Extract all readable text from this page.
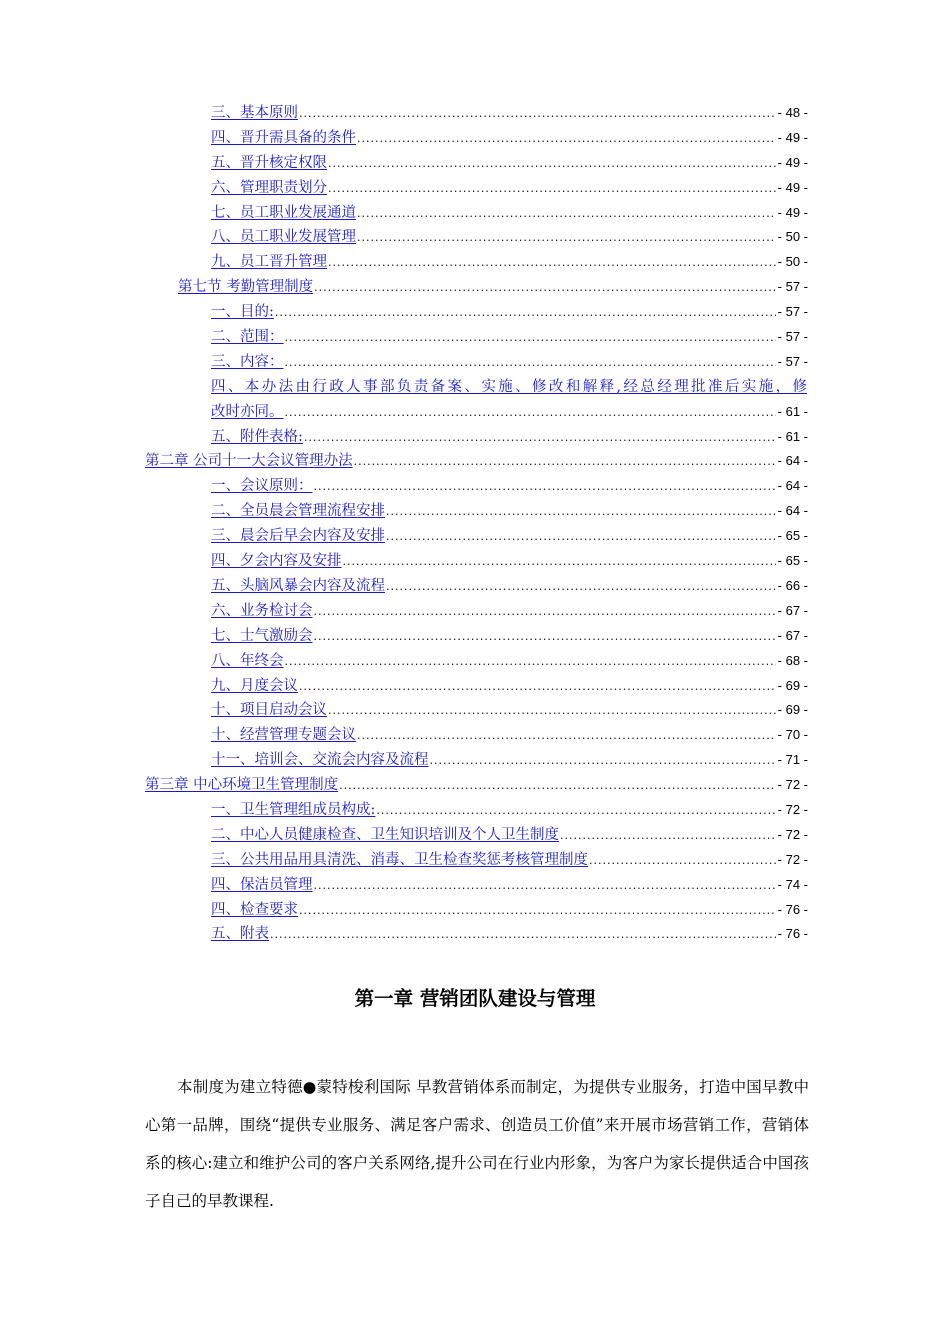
三、基本原则 .....	- 48 -
四、晋升需具备的条件 .....	- 49 -
五、晋升核定权限 .....	- 49 -
六、管理职责划分 .....	- 49 -
七、员工职业发展通道 .....	- 49 -
八、员工职业发展管理 .....	- 50 -
九、员工晋升管理 .....	- 50 -
第七节 考勤管理制度 .....	- 57 -
一、目的: .....	- 57 -
二、范围： .....	- 57 -
三、内容： .....	- 57 -
四、本办法由行政人事部负责备案、实施、修改和解释,经总经理批准后实施，修
改时亦同。 .....	- 61 -
五、附件表格: .....	- 61 -
第二章 公司十一大会议管理办法 .....	- 64 -
一、会议原则： .....	- 64 -
二、全员晨会管理流程安排 .....	- 64 -
三、晨会后早会内容及安排 .....	- 65 -
四、夕会内容及安排 .....	- 65 -
五、头脑风暴会内容及流程 .....	- 66 -
六、业务检讨会 .....	- 67 -
七、士气激励会 .....	- 67 -
八、年终会 .....	- 68 -
九、月度会议 .....	- 69 -
十、项目启动会议 .....	- 69 -
十、经营管理专题会议 .....	- 70 -
十一、培训会、交流会内容及流程 .....	- 71 -
第三章 中心环境卫生管理制度 .....	- 72 -
一、卫生管理组成员构成: .....	- 72 -
二、中心人员健康检查、卫生知识培训及个人卫生制度 .....	- 72 -
三、公共用品用具清洗、消毒、卫生检查奖惩考核管理制度 .....	- 72 -
四、保洁员管理 .....	- 74 -
四、检查要求 .....	- 76 -
五、附表 .....	- 76 -
第一章 营销团队建设与管理

本制度为建立特德●蒙特梭利国际 早教营销体系而制定，为提供专业服务，打造中国早教中心第一品牌，围绕“提供专业服务、满足客户需求、创造员工价值”来开展市场营销工作，营销体系的核心:建立和维护公司的客户关系网络,提升公司在行业内形象，为客户为家长提供适合中国孩子自己的早教课程.
